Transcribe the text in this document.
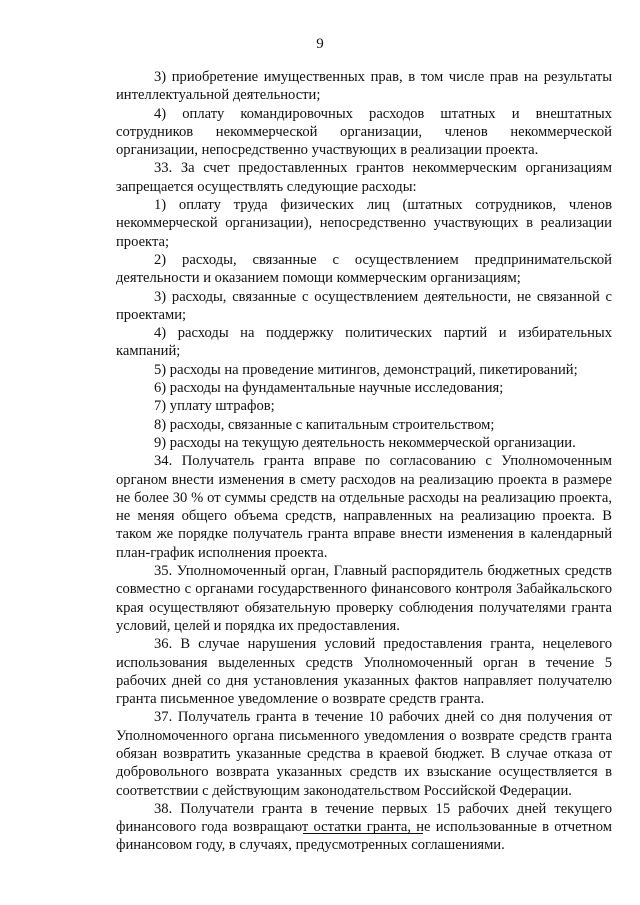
9

3) приобретение имущественных прав, в том числе прав на результаты интеллектуальной деятельности;

4) оплату командировочных расходов штатных и внештатных сотрудников некоммерческой организации, членов некоммерческой организации, непосредственно участвующих в реализации проекта.

33. За счет предоставленных грантов некоммерческим организациям запрещается осуществлять следующие расходы:

1) оплату труда физических лиц (штатных сотрудников, членов некоммерческой организации), непосредственно участвующих в реализации проекта;

2) расходы, связанные с осуществлением предпринимательской деятельности и оказанием помощи коммерческим организациям;

3) расходы, связанные с осуществлением деятельности, не связанной с проектами;

4) расходы на поддержку политических партий и избирательных кампаний;

5) расходы на проведение митингов, демонстраций, пикетирований;

6) расходы на фундаментальные научные исследования;

7) уплату штрафов;

8) расходы, связанные с капитальным строительством;

9) расходы на текущую деятельность некоммерческой организации.

34. Получатель гранта вправе по согласованию с Уполномоченным органом внести изменения в смету расходов на реализацию проекта в размере не более 30 % от суммы средств на отдельные расходы на реализацию проекта, не меняя общего объема средств, направленных на реализацию проекта. В таком же порядке получатель гранта вправе внести изменения в календарный план-график исполнения проекта.

35. Уполномоченный орган, Главный распорядитель бюджетных средств совместно с органами государственного финансового контроля Забайкальского края осуществляют обязательную проверку соблюдения получателями гранта условий, целей и порядка их предоставления.

36. В случае нарушения условий предоставления гранта, нецелевого использования выделенных средств Уполномоченный орган в течение 5 рабочих дней со дня установления указанных фактов направляет получателю гранта письменное уведомление о возврате средств гранта.

37. Получатель гранта в течение 10 рабочих дней со дня получения от Уполномоченного органа письменного уведомления о возврате средств гранта обязан возвратить указанные средства в краевой бюджет. В случае отказа от добровольного возврата указанных средств их взыскание осуществляется в соответствии с действующим законодательством Российской Федерации.

38. Получатели гранта в течение первых 15 рабочих дней текущего финансового года возвращают остатки гранта, не использованные в отчетном финансовом году, в случаях, предусмотренных соглашениями.
